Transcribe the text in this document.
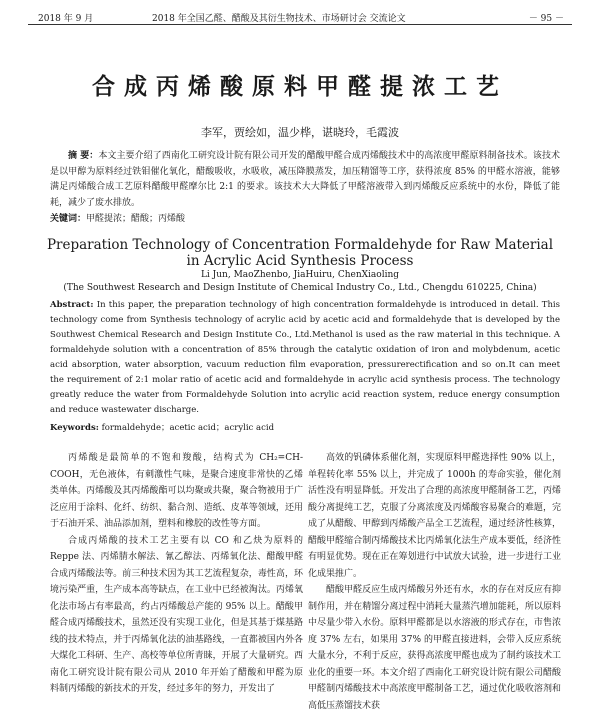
2018 年 9 月	2018 年全国乙醛、醋酸及其衍生物技术、市场研讨会 交流论文	－ 95 －
合成丙烯酸原料甲醛提浓工艺
李军，贾绘如，温少桦，谌晓玲，毛霞波
摘 要：本文主要介绍了西南化工研究设计院有限公司开发的醋酸甲醛合成丙烯酸技术中的高浓度甲醛原料制备技术。该技术是以甲醇为原料经过铁钼催化氧化，醋酸吸收，水吸收，减压降膜蒸发，加压精馏等工序，获得浓度 85% 的甲醛水溶液，能够满足丙烯酸合成工艺原料醋酸甲醛摩尔比 2:1 的要求。该技术大大降低了甲醛溶液带入到丙烯酸反应系统中的水份，降低了能耗，减少了废水排放。
关键词：甲醛提浓；醋酸；丙烯酸
Preparation Technology of Concentration Formaldehyde for Raw Material in Acrylic Acid Synthesis Process
Li Jun, MaoZhenbo, JiaHuiru, ChenXiaoling
(The Southwest Research and Design Institute of Chemical Industry Co., Ltd., Chengdu 610225, China)
Abstract: In this paper, the preparation technology of high concentration formaldehyde is introduced in detail. This technology come from Synthesis technology of acrylic acid by acetic acid and formaldehyde that is developed by the Southwest Chemical Research and Design Institute Co., Ltd.Methanol is used as the raw material in this technique. A formaldehyde solution with a concentration of 85% through the catalytic oxidation of iron and molybdenum, acetic acid absorption, water absorption, vacuum reduction film evaporation, pressurerectification and so on.It can meet the requirement of 2:1 molar ratio of acetic acid and formaldehyde in acrylic acid synthesis process. The technology greatly reduce the water from Formaldehyde Solution into acrylic acid reaction system, reduce energy consumption and reduce wastewater discharge.
Keywords: formaldehyde；acetic acid；acrylic acid

丙烯酸是最简单的不饱和羧酸，结构式为 CH₂=CH-COOH，无色液体，有刺激性气味，是聚合速度非常快的乙烯类单体。丙烯酸及其丙烯酸酯可以均聚或共聚，聚合物被用于广泛应用于涂料、化纤、纺织、黏合剂、造纸、皮革等领域，还用于石油开采、油品添加剂，塑料和橡胶的改性等方面。

合成丙烯酸的技术工艺主要有以 CO 和乙炔为原料的 Reppe 法、丙烯腈水解法、氰乙醇法、丙烯氧化法、醋酸甲醛合成丙烯酸法等。前三种技术因为其工艺流程复杂，毒性高，环境污染严重，生产成本高等缺点，在工业中已经被淘汰。丙烯氧化法市场占有率最高，约占丙烯酸总产能的 95% 以上。醋酸甲醛合成丙烯酸技术，虽然还没有实现工业化，但是其基于煤基路线的技术特点，并于丙烯氧化法的油基路线，一直都被国内外各大煤化工科研、生产、高校等单位所青睐，开展了大量研究。西南化工研究设计院有限公司从 2010 年开始了醋酸和甲醛为原料制丙烯酸的新技术的开发，经过多年的努力，开发出了

高效的钒磷体系催化剂，实现原料甲醛选择性 90% 以上，单程转化率 55% 以上，并完成了 1000h 的寿命实验，催化剂活性没有明显降低。开发出了合理的高浓度甲醛制备工艺，丙烯酸分离提纯工艺，克服了分离浓度及丙烯酸容易聚合的难题，完成了从醋酸、甲醇到丙烯酸产品全工艺流程，通过经济性核算，醋酸甲醛缩合制丙烯酸技术比丙烯氧化法生产成本要低，经济性有明显优势。现在正在筹划进行中试放大试验，进一步进行工业化成果推广。

醋酸甲醛反应生成丙烯酸另外还有水，水的存在对反应有抑制作用，并在精馏分离过程中消耗大量蒸汽增加能耗，所以原料中尽量少带入水份。原料甲醛都是以水溶液的形式存在，市售浓度 37% 左右，如果用 37% 的甲醛直接进料，会带入反应系统大量水分，不利于反应，获得高浓度甲醛也成为了制约该技术工业化的重要一环。本文介绍了西南化工研究设计院有限公司醋酸甲醛制丙烯酸技术中高浓度甲醛制备工艺，通过优化吸收溶剂和高低压蒸馏技术获
